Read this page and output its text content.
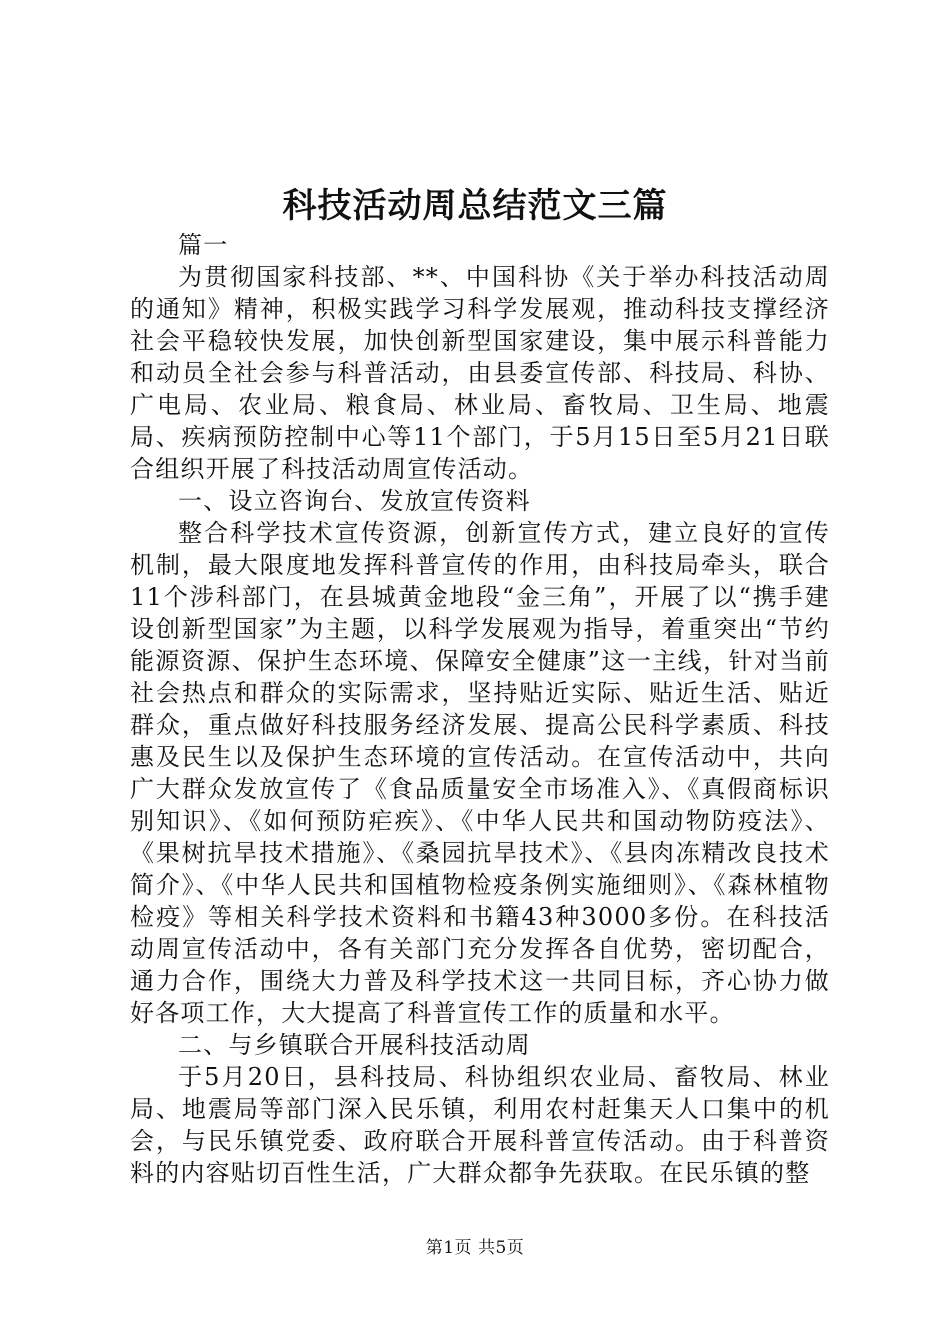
科技活动周总结范文三篇

篇一

为贯彻国家科技部、**、中国科协《关于举办科技活动周的通知》精神，积极实践学习科学发展观，推动科技支撑经济社会平稳较快发展，加快创新型国家建设，集中展示科普能力和动员全社会参与科普活动，由县委宣传部、科技局、科协、广电局、农业局、粮食局、林业局、畜牧局、卫生局、地震局、疾病预防控制中心等11个部门，于5月15日至5月21日联合组织开展了科技活动周宣传活动。

一、设立咨询台、发放宣传资料

整合科学技术宣传资源，创新宣传方式，建立良好的宣传机制，最大限度地发挥科普宣传的作用，由科技局牵头，联合11个涉科部门，在县城黄金地段“金三角”，开展了以“携手建设创新型国家”为主题，以科学发展观为指导，着重突出“节约能源资源、保护生态环境、保障安全健康”这一主线，针对当前社会热点和群众的实际需求，坚持贴近实际、贴近生活、贴近群众，重点做好科技服务经济发展、提高公民科学素质、科技惠及民生以及保护生态环境的宣传活动。在宣传活动中，共向广大群众发放宣传了《食品质量安全市场准入》、《真假商标识别知识》、《如何预防疟疾》、《中华人民共和国动物防疫法》、《果树抗旱技术措施》、《桑园抗旱技术》、《县肉冻精改良技术简介》、《中华人民共和国植物检疫条例实施细则》、《森林植物检疫》等相关科学技术资料和书籍43种3000多份。在科技活动周宣传活动中，各有关部门充分发挥各自优势，密切配合，通力合作，围绕大力普及科学技术这一共同目标，齐心协力做好各项工作，大大提高了科普宣传工作的质量和水平。

二、与乡镇联合开展科技活动周

于5月20日，县科技局、科协组织农业局、畜牧局、林业局、地震局等部门深入民乐镇，利用农村赶集天人口集中的机会，与民乐镇党委、政府联合开展科普宣传活动。由于科普资料的内容贴切百性生活，广大群众都争先获取。在民乐镇的整

第1页 共5页
